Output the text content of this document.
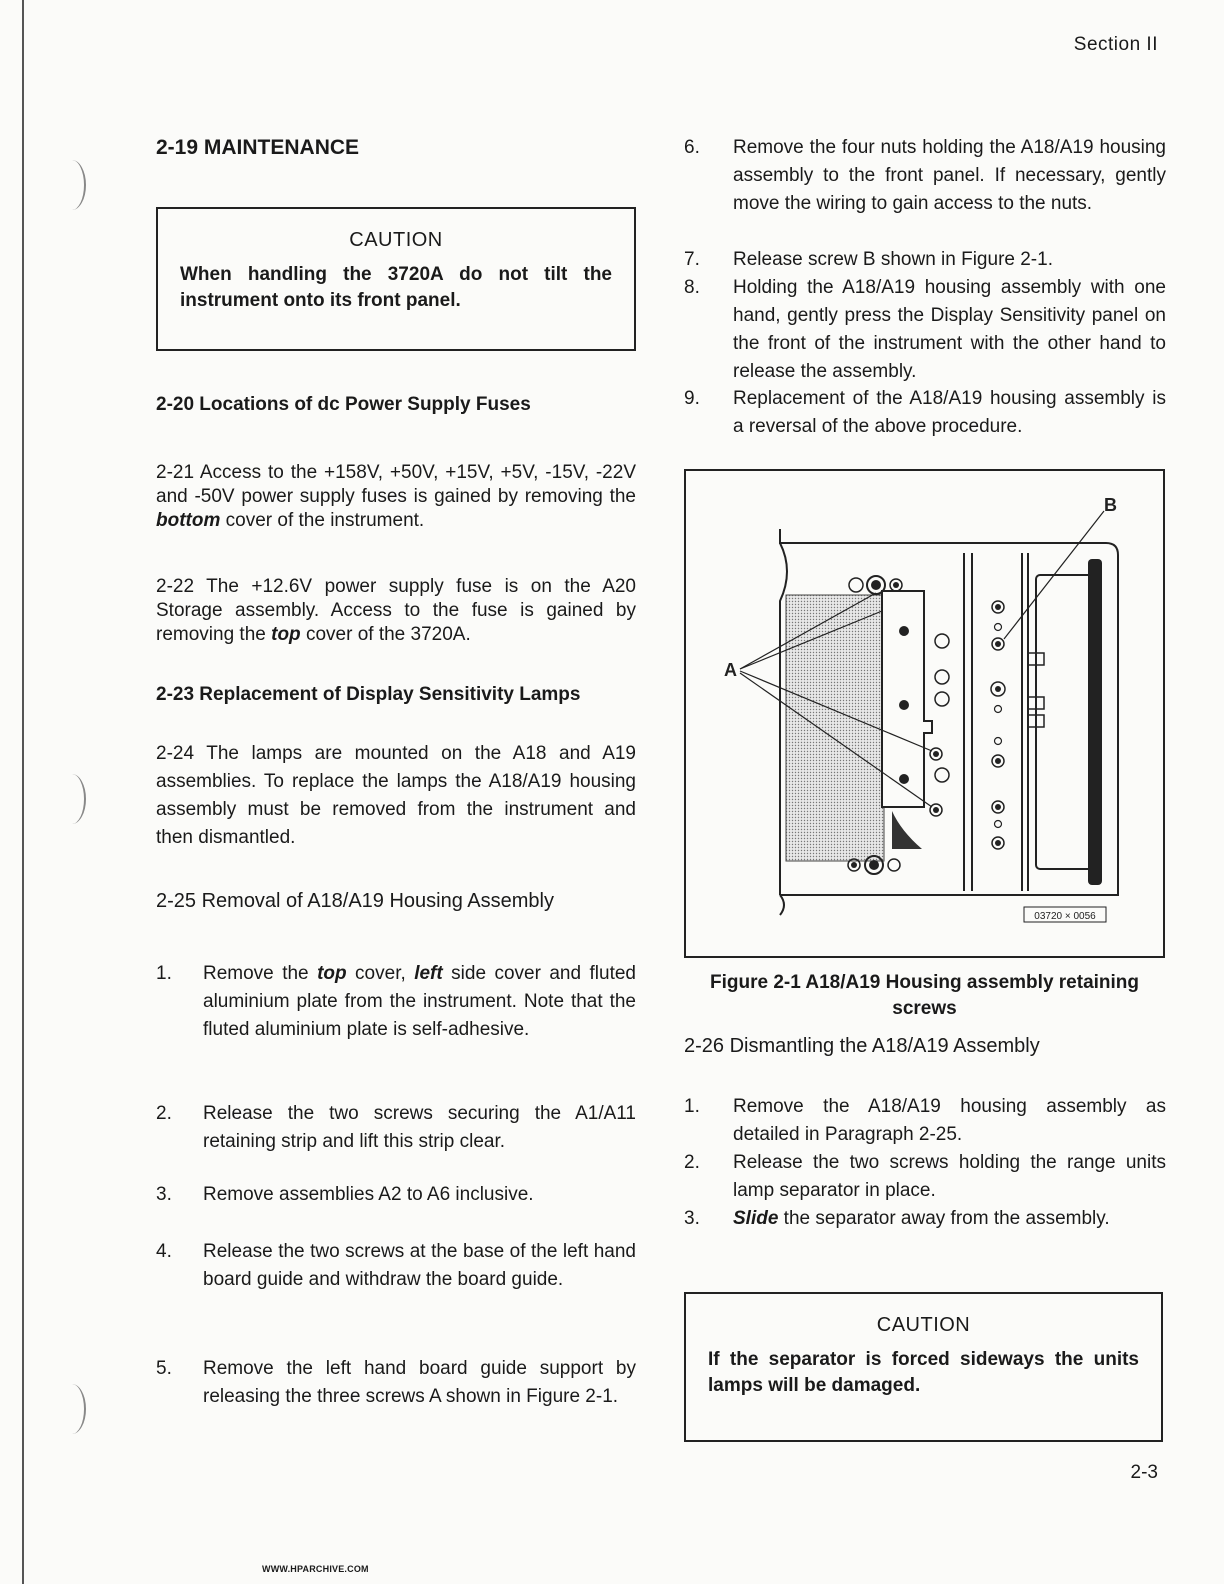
Section II
2-19 MAINTENANCE
CAUTION
When handling the 3720A do not tilt the instrument onto its front panel.
2-20 Locations of dc Power Supply Fuses
2-21 Access to the +158V, +50V, +15V, +5V, -15V, -22V and -50V power supply fuses is gained by removing the bottom cover of the instrument.
2-22 The +12.6V power supply fuse is on the A20 Storage assembly. Access to the fuse is gained by removing the top cover of the 3720A.
2-23 Replacement of Display Sensitivity Lamps
2-24 The lamps are mounted on the A18 and A19 assemblies. To replace the lamps the A18/A19 housing assembly must be removed from the instrument and then dismantled.
2-25 Removal of A18/A19 Housing Assembly
1.	Remove the top cover, left side cover and fluted aluminium plate from the instrument. Note that the fluted aluminium plate is self-adhesive.
2.	Release the two screws securing the A1/A11 retaining strip and lift this strip clear.
3.	Remove assemblies A2 to A6 inclusive.
4.	Release the two screws at the base of the left hand board guide and withdraw the board guide.
5.	Remove the left hand board guide support by releasing the three screws A shown in Figure 2-1.
6.	Remove the four nuts holding the A18/A19 housing assembly to the front panel. If necessary, gently move the wiring to gain access to the nuts.
7.	Release screw B shown in Figure 2-1.
8.	Holding the A18/A19 housing assembly with one hand, gently press the Display Sensitivity panel on the front of the instrument with the other hand to release the assembly.
9.	Replacement of the A18/A19 housing assembly is a reversal of the above procedure.
A
B
03720 × 0056
Figure 2-1 A18/A19 Housing assembly retaining screws
2-26 Dismantling the A18/A19 Assembly
1.	Remove the A18/A19 housing assembly as detailed in Paragraph 2-25.
2.	Release the two screws holding the range units lamp separator in place.
3.	Slide the separator away from the assembly.
CAUTION
If the separator is forced sideways the units lamps will be damaged.
2-3
WWW.HPARCHIVE.COM
